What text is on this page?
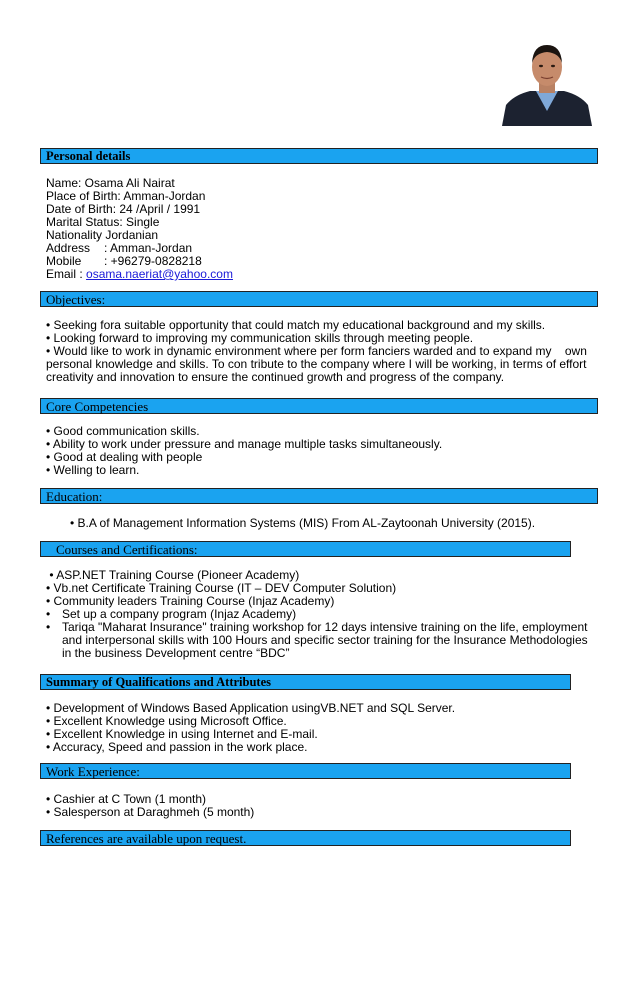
Personal details
Name: Osama Ali Nairat
Place of Birth: Amman-Jordan
Date of Birth: 24 /April / 1991
Marital Status: Single
Nationality Jordanian
Address : Amman-Jordan
Mobile : +96279-0828218
Email : osama.naeriat@yahoo.com
Objectives:
• Seeking fora suitable opportunity that could match my educational background and my skills.
• Looking forward to improving my communication skills through meeting people.
• Would like to work in dynamic environment where per form fanciers warded and to expand my    own
personal knowledge and skills. To con tribute to the company where I will be working, in terms of effort
creativity and innovation to ensure the continued growth and progress of the company.
Core Competencies
• Good communication skills.
• Ability to work under pressure and manage multiple tasks simultaneously.
• Good at dealing with people
• Welling to learn.
Education:
• B.A of Management Information Systems (MIS) From AL-Zaytoonah University (2015).
Courses and Certifications:
• ASP.NET Training Course (Pioneer Academy)
• Vb.net Certificate Training Course (IT – DEV Computer Solution)
• Community leaders Training Course (Injaz Academy)
• Set up a company program (Injaz Academy)
• Tariqa "Maharat Insurance" training workshop for 12 days intensive training on the life, employment
and interpersonal skills with 100 Hours and specific sector training for the Insurance Methodologies
in the business Development centre “BDC”
Summary of Qualifications and Attributes
• Development of Windows Based Application usingVB.NET and SQL Server.
• Excellent Knowledge using Microsoft Office.
• Excellent Knowledge in using Internet and E-mail.
• Accuracy, Speed and passion in the work place.
Work Experience:
• Cashier at C Town (1 month)
• Salesperson at Daraghmeh (5 month)
References are available upon request.
